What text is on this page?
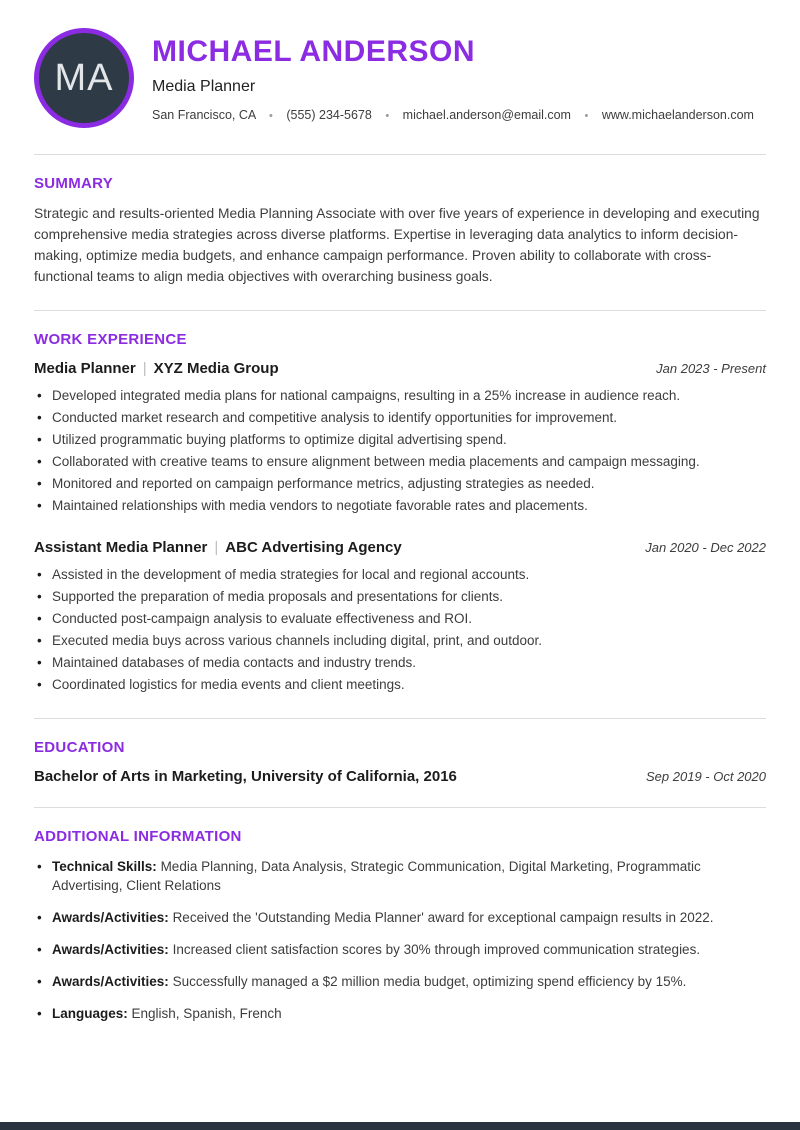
MA
MICHAEL ANDERSON
Media Planner
San Francisco, CA • (555) 234-5678 • michael.anderson@email.com • www.michaelanderson.com
SUMMARY

Strategic and results-oriented Media Planning Associate with over five years of experience in developing and executing comprehensive media strategies across diverse platforms. Expertise in leveraging data analytics to inform decision-making, optimize media budgets, and enhance campaign performance. Proven ability to collaborate with cross-functional teams to align media objectives with overarching business goals.

WORK EXPERIENCE
Media Planner | XYZ Media Group	Jan 2023 - Present
• Developed integrated media plans for national campaigns, resulting in a 25% increase in audience reach.
• Conducted market research and competitive analysis to identify opportunities for improvement.
• Utilized programmatic buying platforms to optimize digital advertising spend.
• Collaborated with creative teams to ensure alignment between media placements and campaign messaging.
• Monitored and reported on campaign performance metrics, adjusting strategies as needed.
• Maintained relationships with media vendors to negotiate favorable rates and placements.
Assistant Media Planner | ABC Advertising Agency	Jan 2020 - Dec 2022
• Assisted in the development of media strategies for local and regional accounts.
• Supported the preparation of media proposals and presentations for clients.
• Conducted post-campaign analysis to evaluate effectiveness and ROI.
• Executed media buys across various channels including digital, print, and outdoor.
• Maintained databases of media contacts and industry trends.
• Coordinated logistics for media events and client meetings.
EDUCATION
Bachelor of Arts in Marketing, University of California, 2016	Sep 2019 - Oct 2020
ADDITIONAL INFORMATION
• Technical Skills: Media Planning, Data Analysis, Strategic Communication, Digital Marketing, Programmatic Advertising, Client Relations
• Awards/Activities: Received the 'Outstanding Media Planner' award for exceptional campaign results in 2022.
• Awards/Activities: Increased client satisfaction scores by 30% through improved communication strategies.
• Awards/Activities: Successfully managed a $2 million media budget, optimizing spend efficiency by 15%.
• Languages: English, Spanish, French
